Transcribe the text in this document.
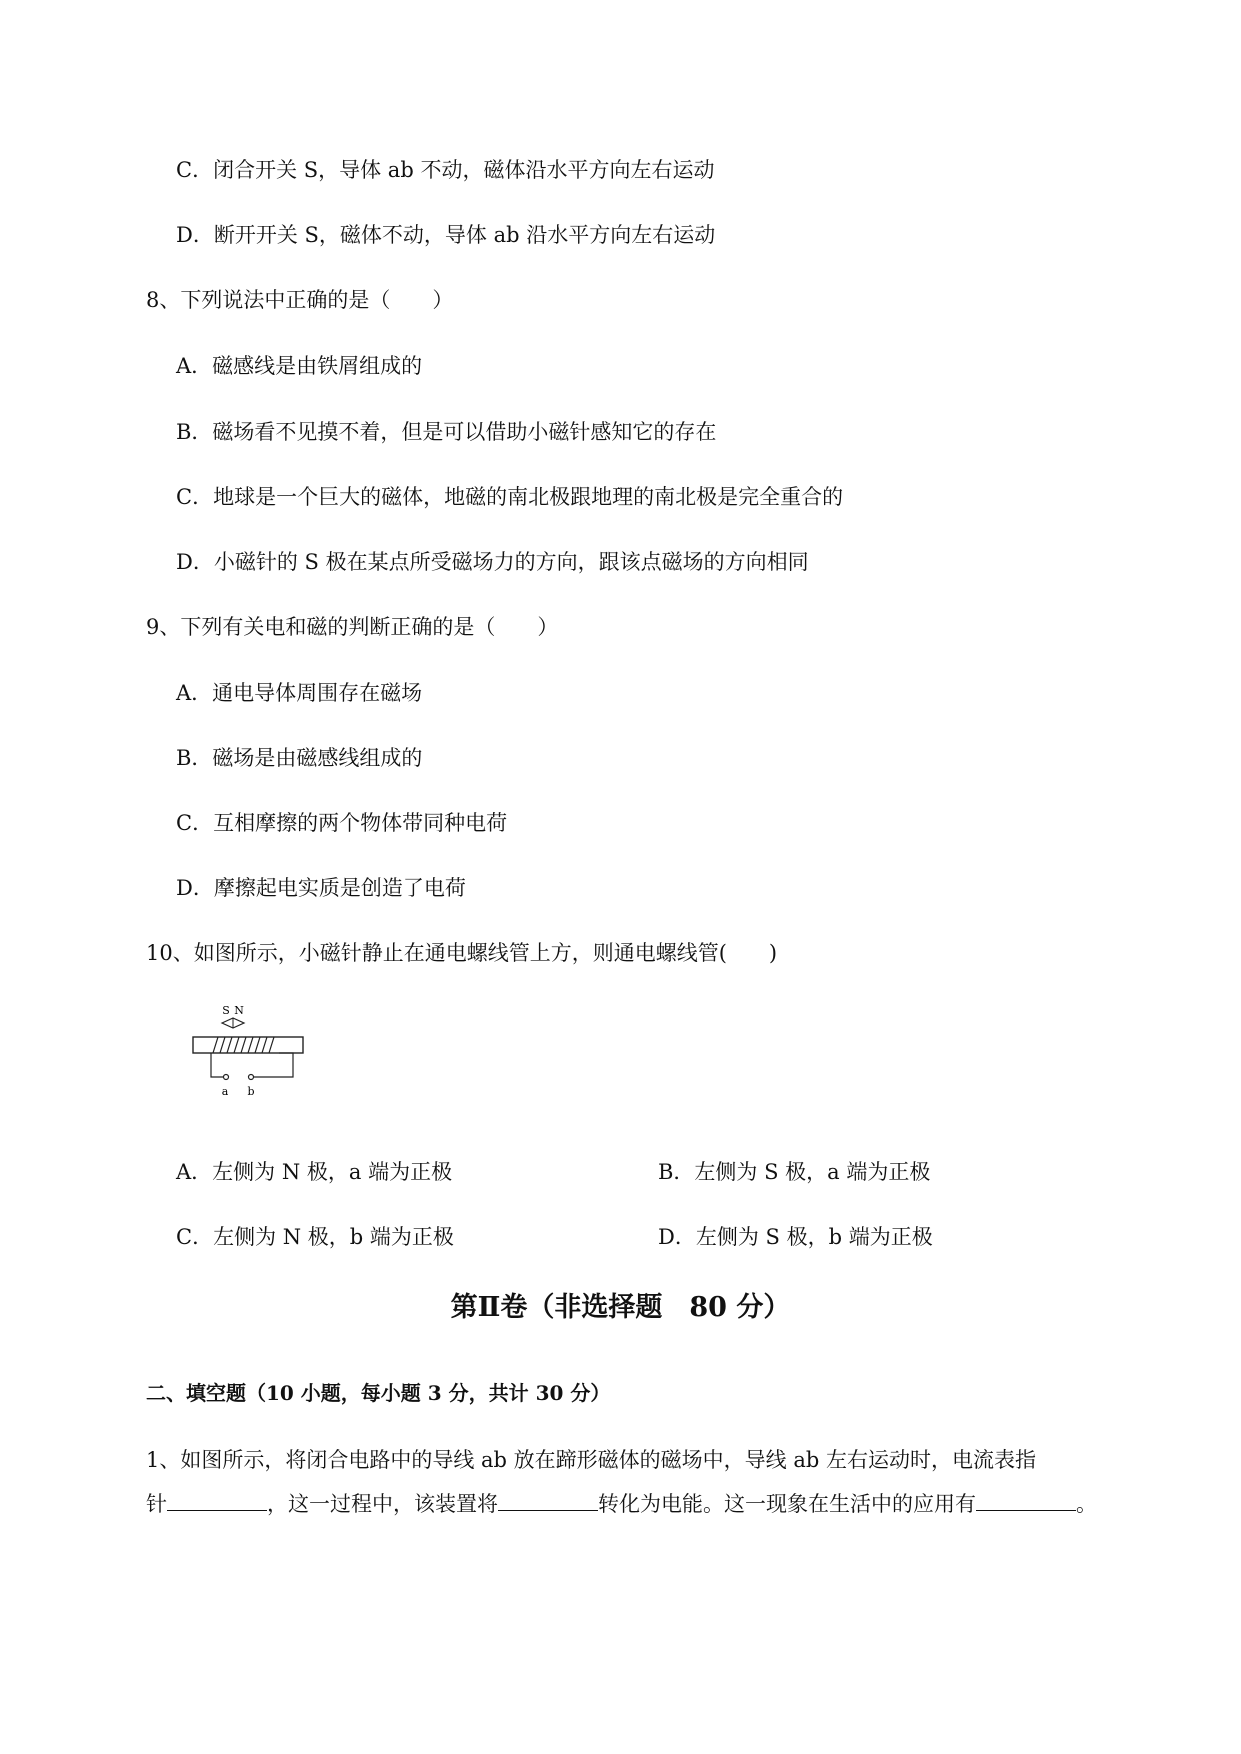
C．闭合开关 S，导体 ab 不动，磁体沿水平方向左右运动
D．断开开关 S，磁体不动，导体 ab 沿水平方向左右运动
8、下列说法中正确的是（　　）
A．磁感线是由铁屑组成的
B．磁场看不见摸不着，但是可以借助小磁针感知它的存在
C．地球是一个巨大的磁体，地磁的南北极跟地理的南北极是完全重合的
D．小磁针的 S 极在某点所受磁场力的方向，跟该点磁场的方向相同
9、下列有关电和磁的判断正确的是（　　）
A．通电导体周围存在磁场
B．磁场是由磁感线组成的
C．互相摩擦的两个物体带同种电荷
D．摩擦起电实质是创造了电荷
10、如图所示，小磁针静止在通电螺线管上方，则通电螺线管(　　)
S N
a b
A．左侧为 N 极，a 端为正极	B．左侧为 S 极，a 端为正极
C．左侧为 N 极，b 端为正极	D．左侧为 S 极，b 端为正极
第Ⅱ卷（非选择题　80 分）
二、填空题（10 小题，每小题 3 分，共计 30 分）
1、如图所示，将闭合电路中的导线 ab 放在蹄形磁体的磁场中，导线 ab 左右运动时，电流表指
针	，这一过程中，该装置将	转化为电能。这一现象在生活中的应用有	。
